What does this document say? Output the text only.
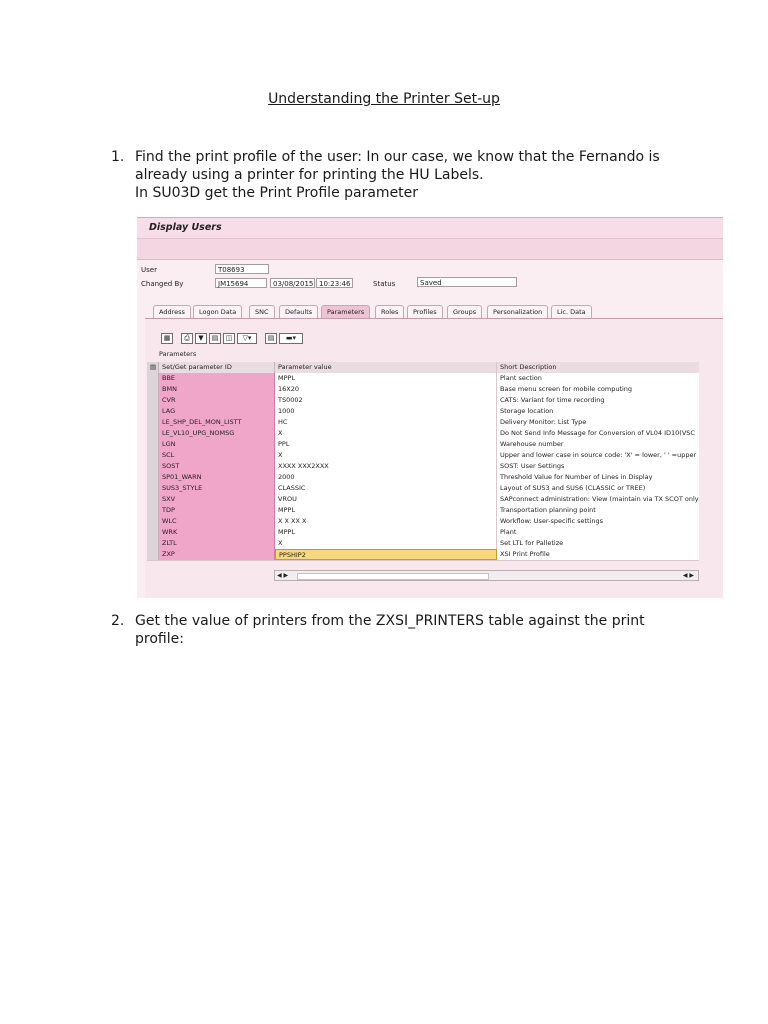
Understanding the Printer Set-up
1. Find the print profile of the user: In our case, we know that the Fernando is
already using a printer for printing the HU Labels.
In SU03D get the Print Profile parameter
Display Users
User	T08693
Changed By	JM15694	03/08/2015 10:23:46	Status	Saved
Address	Logon Data	SNC	Defaults	Parameters	Roles	Profiles	Groups	Personalization	Lic. Data
▦	⎙	▼	▤	◫	▽▾	▤	▬▾
Parameters
▤ Set/Get parameter ID	Parameter value	Short Description
BBE	MPPL	Plant section
BMN	16X20	Base menu screen for mobile computing
CVR	TS0002	CATS: Variant for time recording
LAG	1000	Storage location
LE_SHP_DEL_MON_LISTT	HC	Delivery Monitor: List Type
LE_VL10_UPG_NOMSG	X	Do Not Send Info Message for Conversion of VL04 ID10(VSC
LGN	PPL	Warehouse number
SCL	X	Upper and lower case in source code: 'X' = lower, ' ' =upper
SOST	XXXX XXX2XXX	SOST: User Settings
SP01_WARN	2000	Threshold Value for Number of Lines in Display
SUS3_STYLE	CLASSIC	Layout of SUS3 and SUS6 (CLASSIC or TREE)
SXV	VROU	SAPconnect administration: View (maintain via TX SCOT only
TDP	MPPL	Transportation planning point
WLC	X X XX X	Workflow: User-specific settings
WRK	MPPL	Plant
ZLTL	X	Set LTL for Palletize
ZXP	PPSHIP2	XSI Print Profile
◀ ▶	◀ ▶
2. Get the value of printers from the ZXSI_PRINTERS table against the print
profile:
